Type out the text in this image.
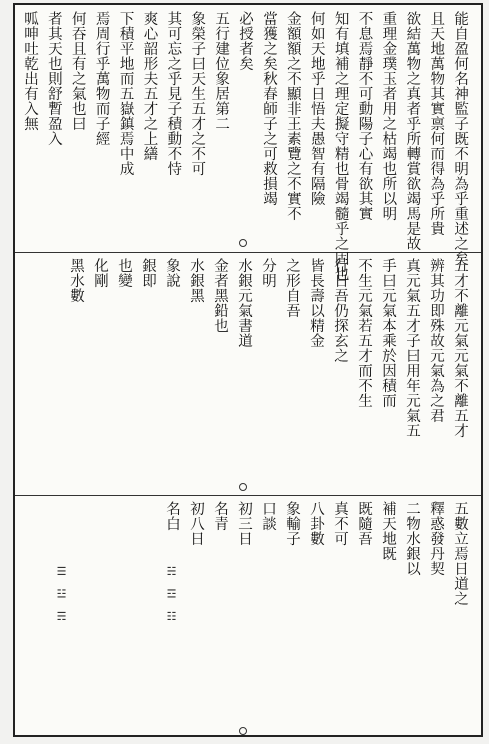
能自盈何名神監子既不明為乎重述之矣
且天地萬物其實禀何而得為乎所貴
欲結萬物之真者乎所轉賞欲竭馬是故
重理金璞玉者用之枯竭也所以明
不息焉靜不可動陽子心有欲其實
知有填補之理定擬守精也骨竭髓乎之固也
何如天地乎日悟夫愚智有隔險
金額額之不顯非王素覽之不實不
當獲之矣秋春師子之可救損竭
必授者矣
五行建位象居第二
象榮子曰天生五才之不可
其可忘之乎見子積動不恃
爽心韶形夫五才之上繕
下積平地而五嶽鎮焉中成
焉周行乎萬物而子經
何吞且有之氣也曰
者其天也則舒暫盈入
呱呻吐乾出有入無
五才不離元氣元氣不離五才
辨其功即殊故元氣為之君
真元氣五才子曰用年元氣五
手曰元氣本乘於因積而
不生元氣若五才而不生
行日吾仍探玄之
皆長壽以精金
之形自吾
分明
水銀元氣書道
金者黑鉛也
水銀黑
象說
銀即
也變
化剛
黑水數
五數立焉日道之
釋惑發丹契
二物水銀以
補天地既
既隨吾
真不可
八卦數
象輸子
口談
初三日
名青
初八日
名白
☵ ☲ ☷
☰ ☳ ☴
